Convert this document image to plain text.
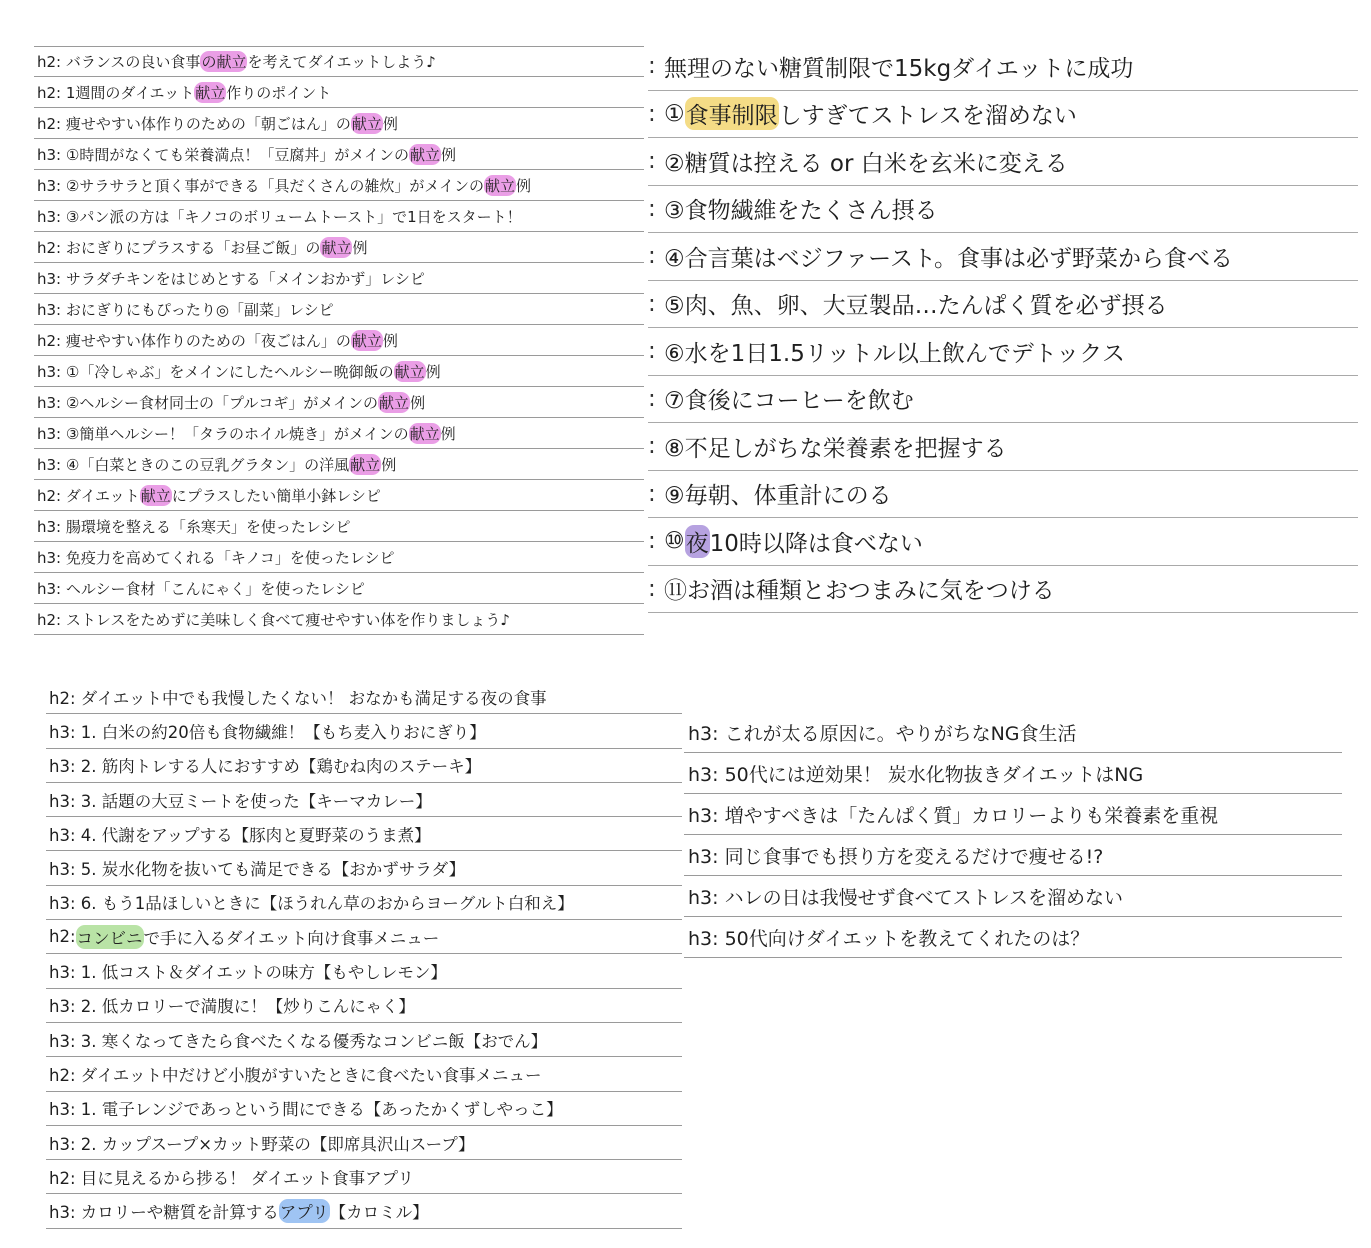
h2: バランスの良い食事 の献立 を考えてダイエットしよう♪
h2: 1週間のダイエット 献立 作りのポイント
h2: 痩せやすい体作りのための「朝ごはん」の 献立 例
h3: ①時間がなくても栄養満点！「豆腐丼」がメインの 献立 例
h3: ②サラサラと頂く事ができる「具だくさんの雑炊」がメインの 献立 例
h3: ③パン派の方は「キノコのボリュームトースト」で1日をスタート！
h2: おにぎりにプラスする「お昼ご飯」の 献立 例
h3: サラダチキンをはじめとする「メインおかず」レシピ
h3: おにぎりにもぴったり◎「副菜」レシピ
h2: 痩せやすい体作りのための「夜ごはん」の 献立 例
h3: ①「冷しゃぶ」をメインにしたヘルシー晩御飯の 献立 例
h3: ②ヘルシー食材同士の「プルコギ」がメインの 献立 例
h3: ③簡単ヘルシー！「タラのホイル焼き」がメインの 献立 例
h3: ④「白菜ときのこの豆乳グラタン」の洋風 献立 例
h2: ダイエット 献立 にプラスしたい簡単小鉢レシピ
h3: 腸環境を整える「糸寒天」を使ったレシピ
h3: 免疫力を高めてくれる「キノコ」を使ったレシピ
h3: ヘルシー食材「こんにゃく」を使ったレシピ
h2: ストレスをためずに美味しく食べて痩せやすい体を作りましょう♪
: 無理のない糖質制限で15kgダイエットに成功
: ① 食事制限 しすぎてストレスを溜めない
: ②糖質は控える or 白米を玄米に変える
: ③食物繊維をたくさん摂る
: ④合言葉はベジファースト。食事は必ず野菜から食べる
: ⑤肉、魚、卵、大豆製品…たんぱく質を必ず摂る
: ⑥水を1日1.5リットル以上飲んでデトックス
: ⑦食後にコーヒーを飲む
: ⑧不足しがちな栄養素を把握する
: ⑨毎朝、体重計にのる
: ⑩ 夜 10時以降は食べない
: ⑪お酒は種類とおつまみに気をつける
h2: ダイエット中でも我慢したくない！ おなかも満足する夜の食事
h3: 1. 白米の約20倍も食物繊維！【もち麦入りおにぎり】
h3: 2. 筋肉トレする人におすすめ【鶏むね肉のステーキ】
h3: 3. 話題の大豆ミートを使った【キーマカレー】
h3: 4. 代謝をアップする【豚肉と夏野菜のうま煮】
h3: 5. 炭水化物を抜いても満足できる【おかずサラダ】
h3: 6. もう1品ほしいときに【ほうれん草のおからヨーグルト白和え】
h2: コンビニ で手に入るダイエット向け食事メニュー
h3: 1. 低コスト＆ダイエットの味方【もやしレモン】
h3: 2. 低カロリーで満腹に！【炒りこんにゃく】
h3: 3. 寒くなってきたら食べたくなる優秀なコンビニ飯【おでん】
h2: ダイエット中だけど小腹がすいたときに食べたい食事メニュー
h3: 1. 電子レンジであっという間にできる【あったかくずしやっこ】
h3: 2. カップスープ×カット野菜の【即席具沢山スープ】
h2: 目に見えるから捗る！ ダイエット食事アプリ
h3: カロリーや糖質を計算する アプリ 【カロミル】
h3: これが太る原因に。やりがちなNG食生活
h3: 50代には逆効果！ 炭水化物抜きダイエットはNG
h3: 増やすべきは「たんぱく質」カロリーよりも栄養素を重視
h3: 同じ食事でも摂り方を変えるだけで痩せる!?
h3: ハレの日は我慢せず食べてストレスを溜めない
h3: 50代向けダイエットを教えてくれたのは？
